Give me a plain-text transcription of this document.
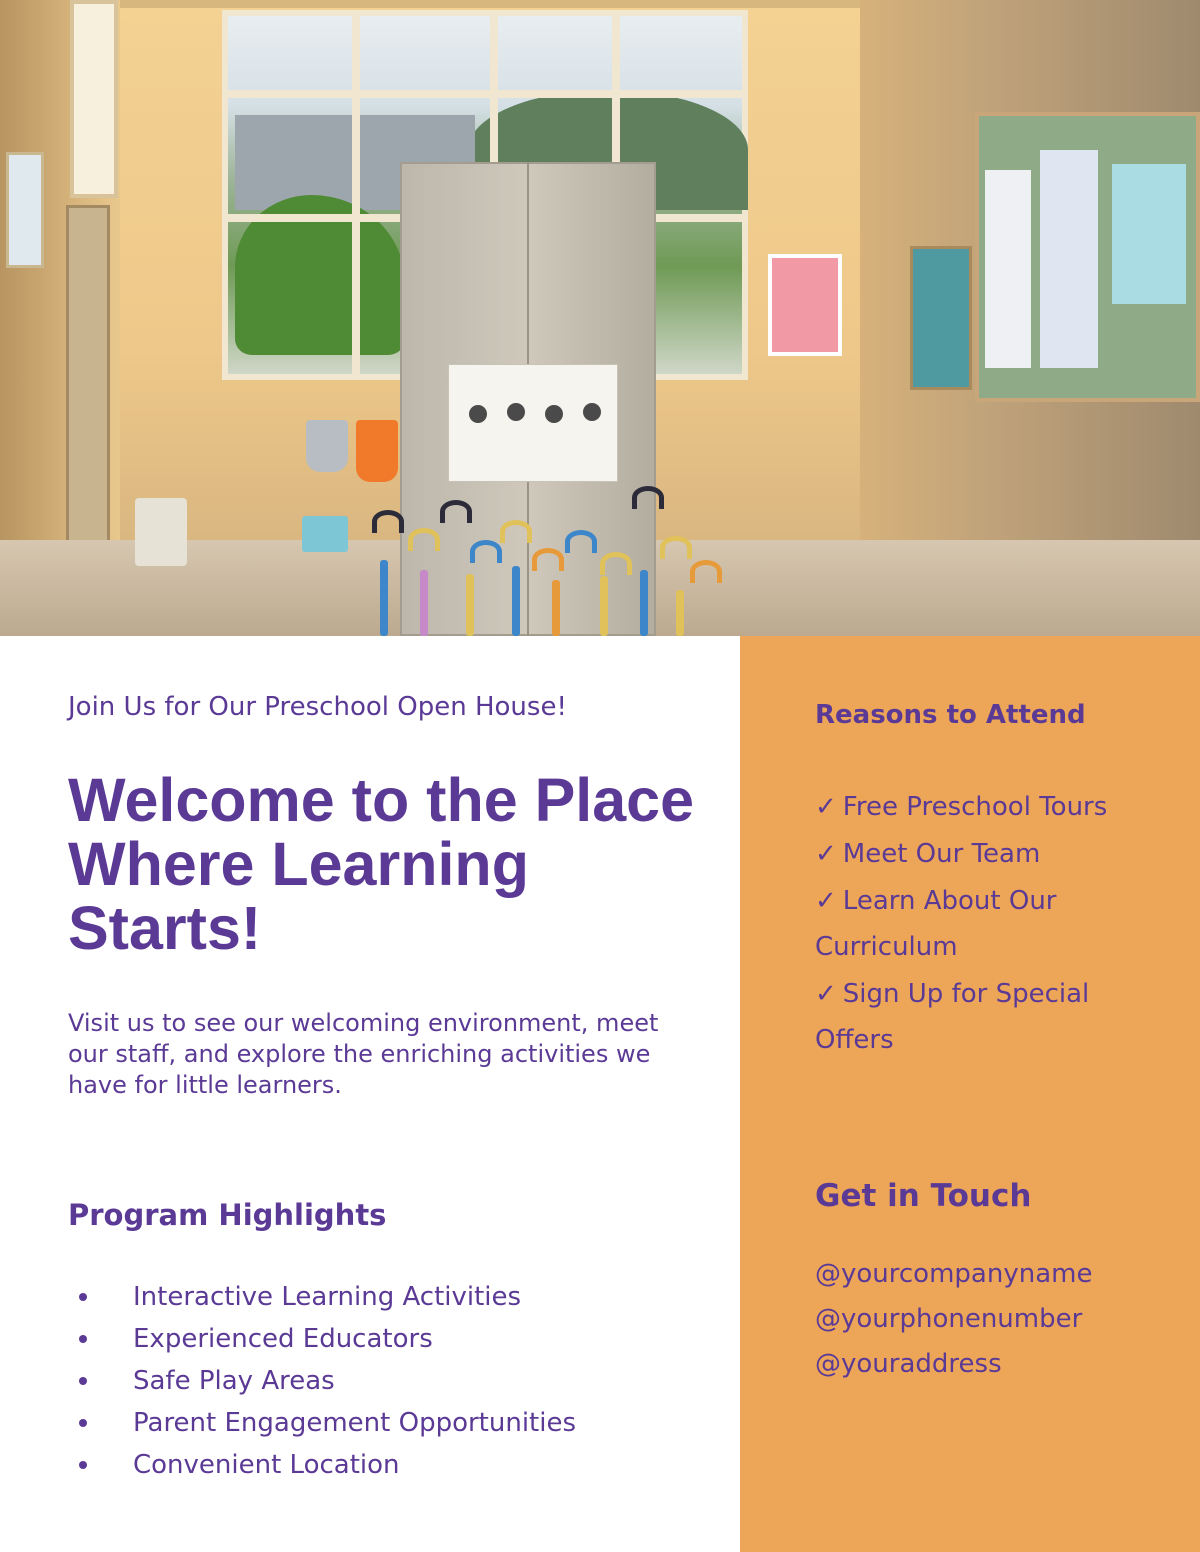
Join Us for Our Preschool Open House!

Welcome to the Place Where Learning Starts!

Visit us to see our welcoming environment, meet our staff, and explore the enriching activities we have for little learners.

Program Highlights
Interactive Learning Activities
Experienced Educators
Safe Play Areas
Parent Engagement Opportunities
Convenient Location
Reasons to Attend
✓ Free Preschool Tours
✓ Meet Our Team
✓ Learn About Our Curriculum
✓ Sign Up for Special Offers
Get in Touch
@yourcompanyname
@yourphonenumber
@youraddress
